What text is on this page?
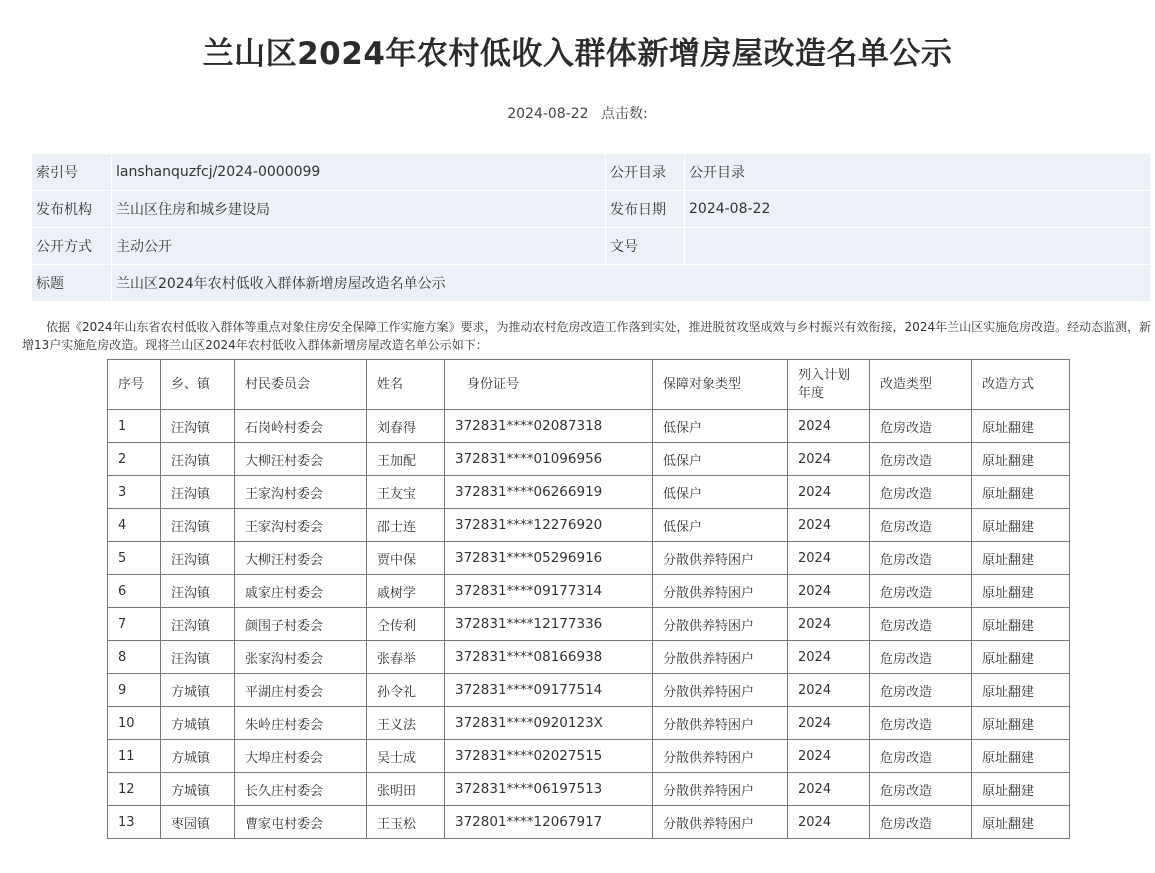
兰山区2024年农村低收入群体新增房屋改造名单公示
2024-08-22 点击数:
索引号	lanshanquzfcj/2024-0000099	公开目录	公开目录
发布机构	兰山区住房和城乡建设局	发布日期	2024-08-22
公开方式	主动公开	文号
标题	兰山区2024年农村低收入群体新增房屋改造名单公示

依据《2024年山东省农村低收入群体等重点对象住房安全保障工作实施方案》要求，为推动农村危房改造工作落到实处，推进脱贫攻坚成效与乡村振兴有效衔接，2024年兰山区实施危房改造。经动态监测，新增13户实施危房改造。现将兰山区2024年农村低收入群体新增房屋改造名单公示如下：

序号	乡、镇	村民委员会	姓名	身份证号	保障对象类型	列入计划年度	改造类型	改造方式
1	汪沟镇	石岗岭村委会	刘春得	372831****02087318	低保户	2024	危房改造	原址翻建
2	汪沟镇	大柳汪村委会	王加配	372831****01096956	低保户	2024	危房改造	原址翻建
3	汪沟镇	王家沟村委会	王友宝	372831****06266919	低保户	2024	危房改造	原址翻建
4	汪沟镇	王家沟村委会	邵士连	372831****12276920	低保户	2024	危房改造	原址翻建
5	汪沟镇	大柳汪村委会	贾中保	372831****05296916	分散供养特困户	2024	危房改造	原址翻建
6	汪沟镇	戚家庄村委会	戚树学	372831****09177314	分散供养特困户	2024	危房改造	原址翻建
7	汪沟镇	颜围子村委会	仝传利	372831****12177336	分散供养特困户	2024	危房改造	原址翻建
8	汪沟镇	张家沟村委会	张春举	372831****08166938	分散供养特困户	2024	危房改造	原址翻建
9	方城镇	平湖庄村委会	孙令礼	372831****09177514	分散供养特困户	2024	危房改造	原址翻建
10	方城镇	朱岭庄村委会	王义法	372831****0920123X	分散供养特困户	2024	危房改造	原址翻建
11	方城镇	大埠庄村委会	吴士成	372831****02027515	分散供养特困户	2024	危房改造	原址翻建
12	方城镇	长久庄村委会	张明田	372831****06197513	分散供养特困户	2024	危房改造	原址翻建
13	枣园镇	曹家屯村委会	王玉松	372801****12067917	分散供养特困户	2024	危房改造	原址翻建
